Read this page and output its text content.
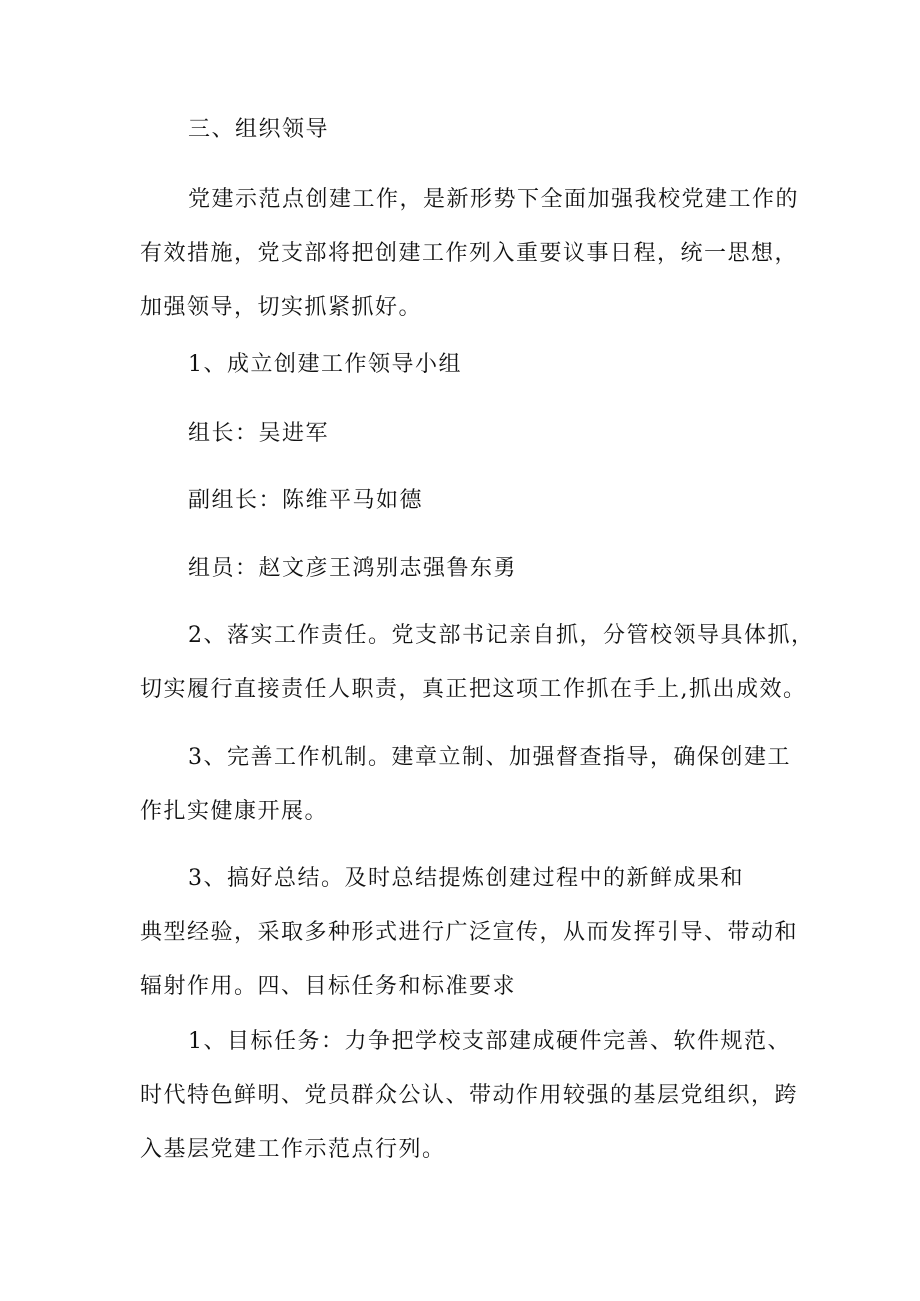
三、组织领导

党建示范点创建工作，是新形势下全面加强我校党建工作的
有效措施，党支部将把创建工作列入重要议事日程，统一思想，
加强领导，切实抓紧抓好。

1、成立创建工作领导小组

组长：吴进军

副组长：陈维平马如德

组员：赵文彦王鸿别志强鲁东勇

2、落实工作责任。党支部书记亲自抓，分管校领导具体抓，
切实履行直接责任人职责，真正把这项工作抓在手上,抓出成效。

3、完善工作机制。建章立制、加强督查指导，确保创建工
作扎实健康开展。

3、搞好总结。及时总结提炼创建过程中的新鲜成果和
典型经验，采取多种形式进行广泛宣传，从而发挥引导、带动和
辐射作用。四、目标任务和标准要求

1、目标任务：力争把学校支部建成硬件完善、软件规范、
时代特色鲜明、党员群众公认、带动作用较强的基层党组织，跨
入基层党建工作示范点行列。
